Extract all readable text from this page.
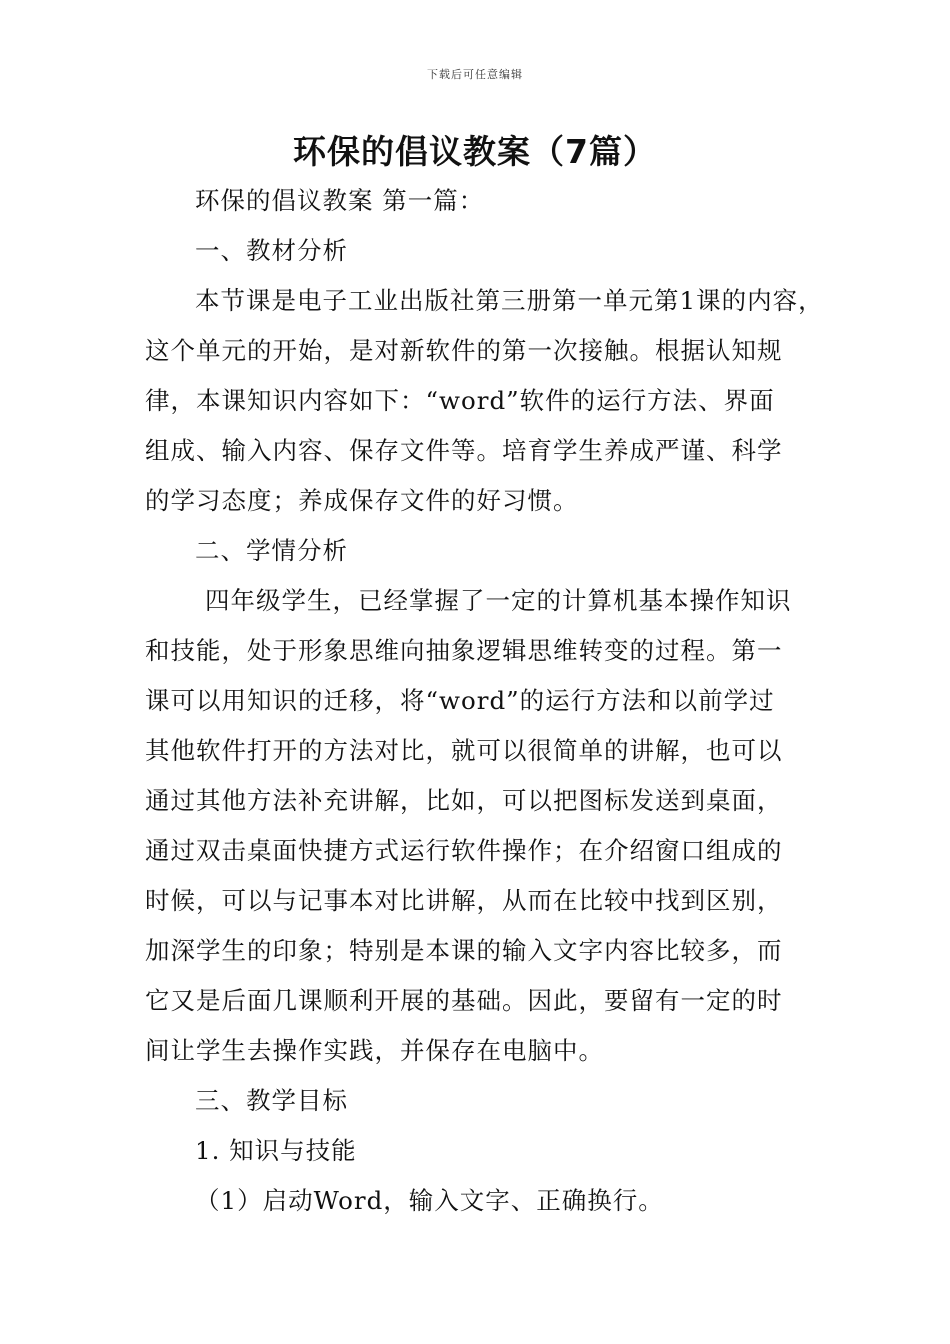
下载后可任意编辑
环保的倡议教案（7篇）
环保的倡议教案 第一篇：
一、教材分析
本节课是电子工业出版社第三册第一单元第1课的内容，
这个单元的开始，是对新软件的第一次接触。根据认知规
律，本课知识内容如下：“word”软件的运行方法、界面
组成、输入内容、保存文件等。培育学生养成严谨、科学
的学习态度；养成保存文件的好习惯。
二、学情分析
四年级学生，已经掌握了一定的计算机基本操作知识
和技能，处于形象思维向抽象逻辑思维转变的过程。第一
课可以用知识的迁移，将“word”的运行方法和以前学过
其他软件打开的方法对比，就可以很简单的讲解，也可以
通过其他方法补充讲解，比如，可以把图标发送到桌面，
通过双击桌面快捷方式运行软件操作；在介绍窗口组成的
时候，可以与记事本对比讲解，从而在比较中找到区别，
加深学生的印象；特别是本课的输入文字内容比较多，而
它又是后面几课顺利开展的基础。因此，要留有一定的时
间让学生去操作实践，并保存在电脑中。
三、教学目标
1. 知识与技能
（1）启动Word，输入文字、正确换行。
